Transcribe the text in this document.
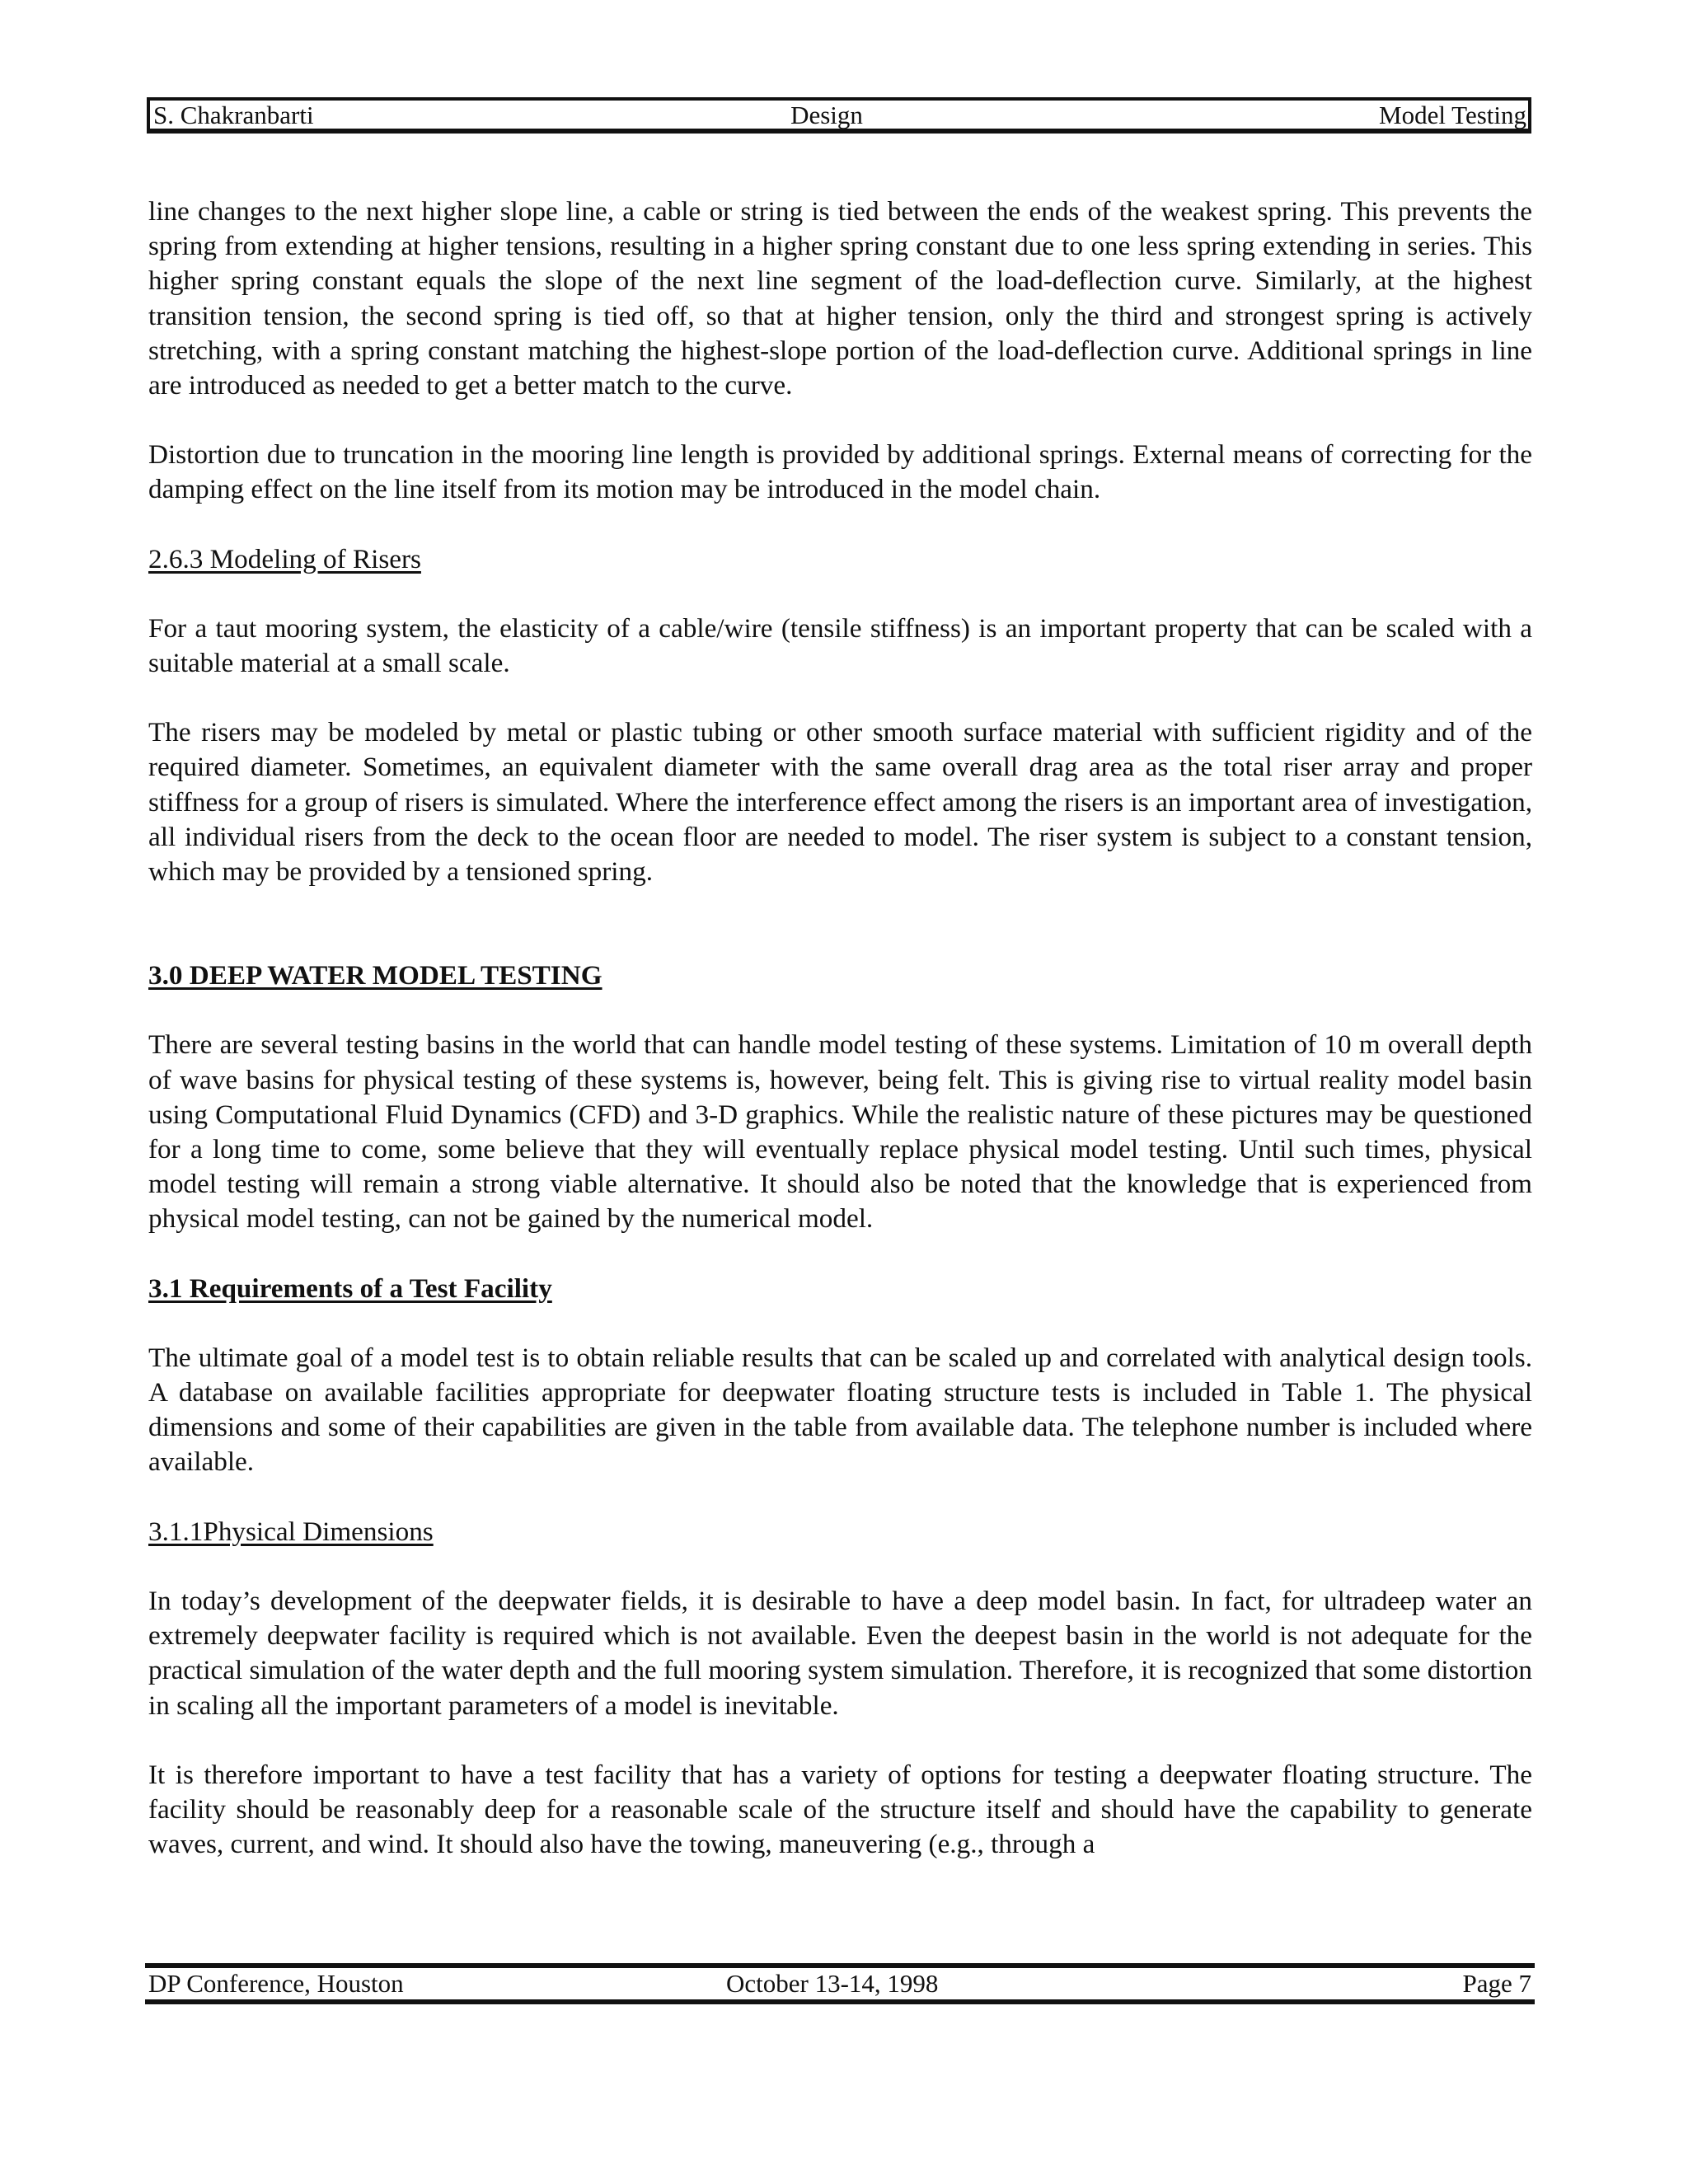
S. Chakranbarti	Design	Model Testing

line changes to the next higher slope line, a cable or string is tied between the ends of the weakest spring. This prevents the spring from extending at higher tensions, resulting in a higher spring constant due to one less spring extending in series. This higher spring constant equals the slope of the next line segment of the load-deflection curve. Similarly, at the highest transition tension, the second spring is tied off, so that at higher tension, only the third and strongest spring is actively stretching, with a spring constant matching the highest-slope portion of the load-deflection curve. Additional springs in line are introduced as needed to get a better match to the curve.

Distortion due to truncation in the mooring line length is provided by additional springs. External means of correcting for the damping effect on the line itself from its motion may be introduced in the model chain.

2.6.3 Modeling of Risers

For a taut mooring system, the elasticity of a cable/wire (tensile stiffness) is an important property that can be scaled with a suitable material at a small scale.

The risers may be modeled by metal or plastic tubing or other smooth surface material with sufficient rigidity and of the required diameter. Sometimes, an equivalent diameter with the same overall drag area as the total riser array and proper stiffness for a group of risers is simulated. Where the interference effect among the risers is an important area of investigation, all individual risers from the deck to the ocean floor are needed to model. The riser system is subject to a constant tension, which may be provided by a tensioned spring.

3.0 DEEP WATER MODEL TESTING

There are several testing basins in the world that can handle model testing of these systems. Limitation of 10 m overall depth of wave basins for physical testing of these systems is, however, being felt. This is giving rise to virtual reality model basin using Computational Fluid Dynamics (CFD) and 3-D graphics. While the realistic nature of these pictures may be questioned for a long time to come, some believe that they will eventually replace physical model testing. Until such times, physical model testing will remain a strong viable alternative. It should also be noted that the knowledge that is experienced from physical model testing, can not be gained by the numerical model.

3.1 Requirements of a Test Facility

The ultimate goal of a model test is to obtain reliable results that can be scaled up and correlated with analytical design tools. A database on available facilities appropriate for deepwater floating structure tests is included in Table 1. The physical dimensions and some of their capabilities are given in the table from available data. The telephone number is included where available.

3.1.1Physical Dimensions

In today’s development of the deepwater fields, it is desirable to have a deep model basin. In fact, for ultradeep water an extremely deepwater facility is required which is not available. Even the deepest basin in the world is not adequate for the practical simulation of the water depth and the full mooring system simulation. Therefore, it is recognized that some distortion in scaling all the important parameters of a model is inevitable.

It is therefore important to have a test facility that has a variety of options for testing a deepwater floating structure. The facility should be reasonably deep for a reasonable scale of the structure itself and should have the capability to generate waves, current, and wind. It should also have the towing, maneuvering (e.g., through a

DP Conference, Houston	October 13-14, 1998	Page 7
